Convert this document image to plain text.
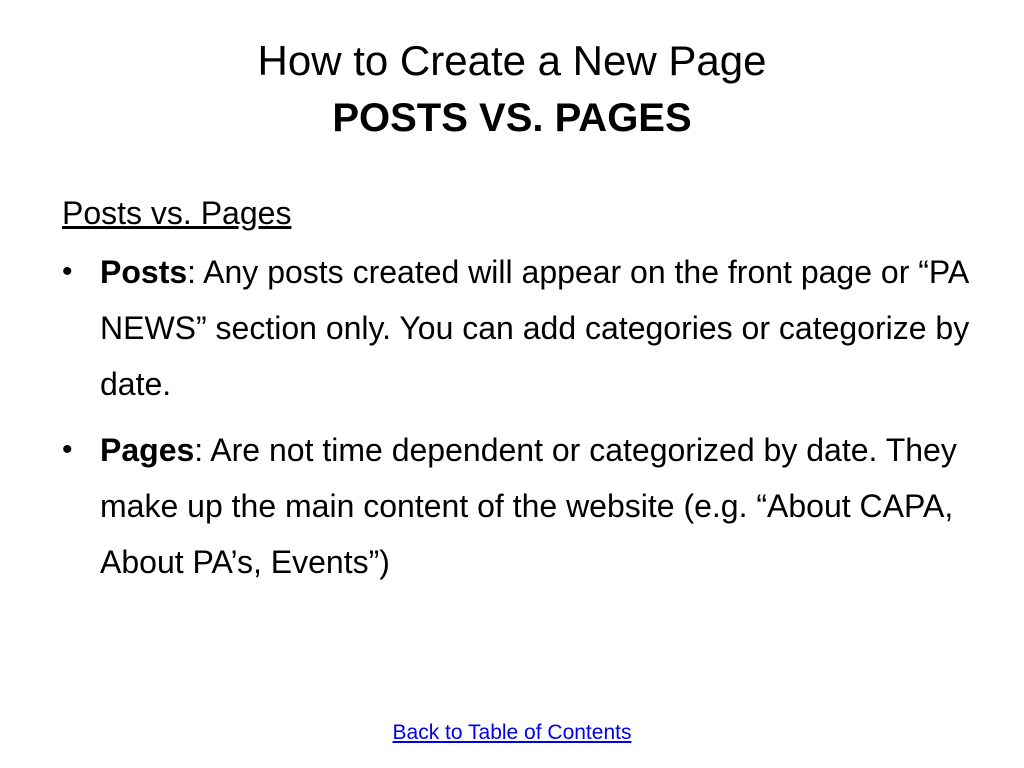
How to Create a New Page
POSTS VS. PAGES
Posts vs. Pages
• Posts: Any posts created will appear on the front page or “PA NEWS” section only. You can add categories or categorize by date.
• Pages: Are not time dependent or categorized by date. They make up the main content of the website (e.g. “About CAPA, About PA’s, Events”)
Back to Table of Contents
